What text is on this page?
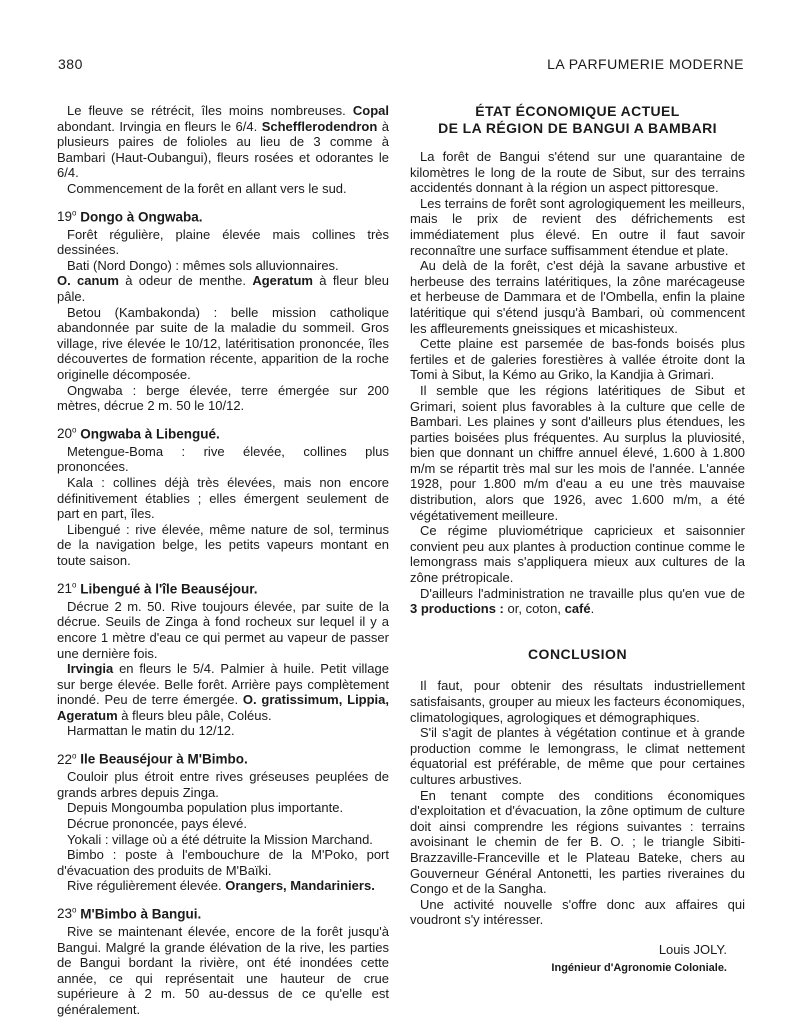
380	LA PARFUMERIE MODERNE

Le fleuve se rétrécit, îles moins nombreuses. Copal abondant. Irvingia en fleurs le 6/4. Schefflerodendron à plusieurs paires de folioles au lieu de 3 comme à Bambari (Haut-Oubangui), fleurs rosées et odorantes le 6/4.

Commencement de la forêt en allant vers le sud.

19$^o$ Dongo à Ongwaba.

Forêt régulière, plaine élevée mais collines très dessinées.

Bati (Nord Dongo) : mêmes sols alluvionnaires.

O. canum à odeur de menthe. Ageratum à fleur bleu pâle.

Betou (Kambakonda) : belle mission catholique abandonnée par suite de la maladie du sommeil. Gros village, rive élevée le 10/12, latéritisation prononcée, îles découvertes de formation récente, apparition de la roche originelle décomposée.

Ongwaba : berge élevée, terre émergée sur 200 mètres, décrue 2 m. 50 le 10/12.

20$^o$ Ongwaba à Libengué.

Metengue-Boma : rive élevée, collines plus prononcées.

Kala : collines déjà très élevées, mais non encore définitivement établies ; elles émergent seulement de part en part, îles.

Libengué : rive élevée, même nature de sol, terminus de la navigation belge, les petits vapeurs montant en toute saison.

21$^o$ Libengué à l'île Beauséjour.

Décrue 2 m. 50. Rive toujours élevée, par suite de la décrue. Seuils de Zinga à fond rocheux sur lequel il y a encore 1 mètre d'eau ce qui permet au vapeur de passer une dernière fois.

Irvingia en fleurs le 5/4. Palmier à huile. Petit village sur berge élevée. Belle forêt. Arrière pays complètement inondé. Peu de terre émergée. O. gratissimum, Lippia, Ageratum à fleurs bleu pâle, Coléus.

Harmattan le matin du 12/12.

22$^o$ Ile Beauséjour à M'Bimbo.

Couloir plus étroit entre rives gréseuses peuplées de grands arbres depuis Zinga.

Depuis Mongoumba population plus importante.

Décrue prononcée, pays élevé.

Yokali : village où a été détruite la Mission Marchand.

Bimbo : poste à l'embouchure de la M'Poko, port d'évacuation des produits de M'Baïki.

Rive régulièrement élevée. Orangers, Mandariniers.

23$^o$ M'Bimbo à Bangui.

Rive se maintenant élevée, encore de la forêt jusqu'à Bangui. Malgré la grande élévation de la rive, les parties de Bangui bordant la rivière, ont été inondées cette année, ce qui représentait une hauteur de crue supérieure à 2 m. 50 au-dessus de ce qu'elle est généralement.

ÉTAT ÉCONOMIQUE ACTUEL
DE LA RÉGION DE BANGUI A BAMBARI

La forêt de Bangui s'étend sur une quarantaine de kilomètres le long de la route de Sibut, sur des terrains accidentés donnant à la région un aspect pittoresque.

Les terrains de forêt sont agrologiquement les meilleurs, mais le prix de revient des défrichements est immédiatement plus élevé. En outre il faut savoir reconnaître une surface suffisamment étendue et plate.

Au delà de la forêt, c'est déjà la savane arbustive et herbeuse des terrains latéritiques, la zône marécageuse et herbeuse de Dammara et de l'Ombella, enfin la plaine latéritique qui s'étend jusqu'à Bambari, où commencent les affleurements gneissiques et micashisteux.

Cette plaine est parsemée de bas-fonds boisés plus fertiles et de galeries forestières à vallée étroite dont la Tomi à Sibut, la Kémo au Griko, la Kandjia à Grimari.

Il semble que les régions latéritiques de Sibut et Grimari, soient plus favorables à la culture que celle de Bambari. Les plaines y sont d'ailleurs plus étendues, les parties boisées plus fréquentes. Au surplus la pluviosité, bien que donnant un chiffre annuel élevé, 1.600 à 1.800 m/m se répartit très mal sur les mois de l'année. L'année 1928, pour 1.800 m/m d'eau a eu une très mauvaise distribution, alors que 1926, avec 1.600 m/m, a été végétativement meilleure.

Ce régime pluviométrique capricieux et saisonnier convient peu aux plantes à production continue comme le lemongrass mais s'appliquera mieux aux cultures de la zône prétropicale.

D'ailleurs l'administration ne travaille plus qu'en vue de 3 productions : or, coton, café.

CONCLUSION

Il faut, pour obtenir des résultats industriellement satisfaisants, grouper au mieux les facteurs économiques, climatologiques, agrologiques et démographiques.

S'il s'agit de plantes à végétation continue et à grande production comme le lemongrass, le climat nettement équatorial est préférable, de même que pour certaines cultures arbustives.

En tenant compte des conditions économiques d'exploitation et d'évacuation, la zône optimum de culture doit ainsi comprendre les régions suivantes : terrains avoisinant le chemin de fer B. O. ; le triangle Sibiti-Brazzaville-Franceville et le Plateau Bateke, chers au Gouverneur Général Antonetti, les parties riveraines du Congo et de la Sangha.

Une activité nouvelle s'offre donc aux affaires qui voudront s'y intéresser.

Louis JOLY.
Ingénieur d'Agronomie Coloniale.
